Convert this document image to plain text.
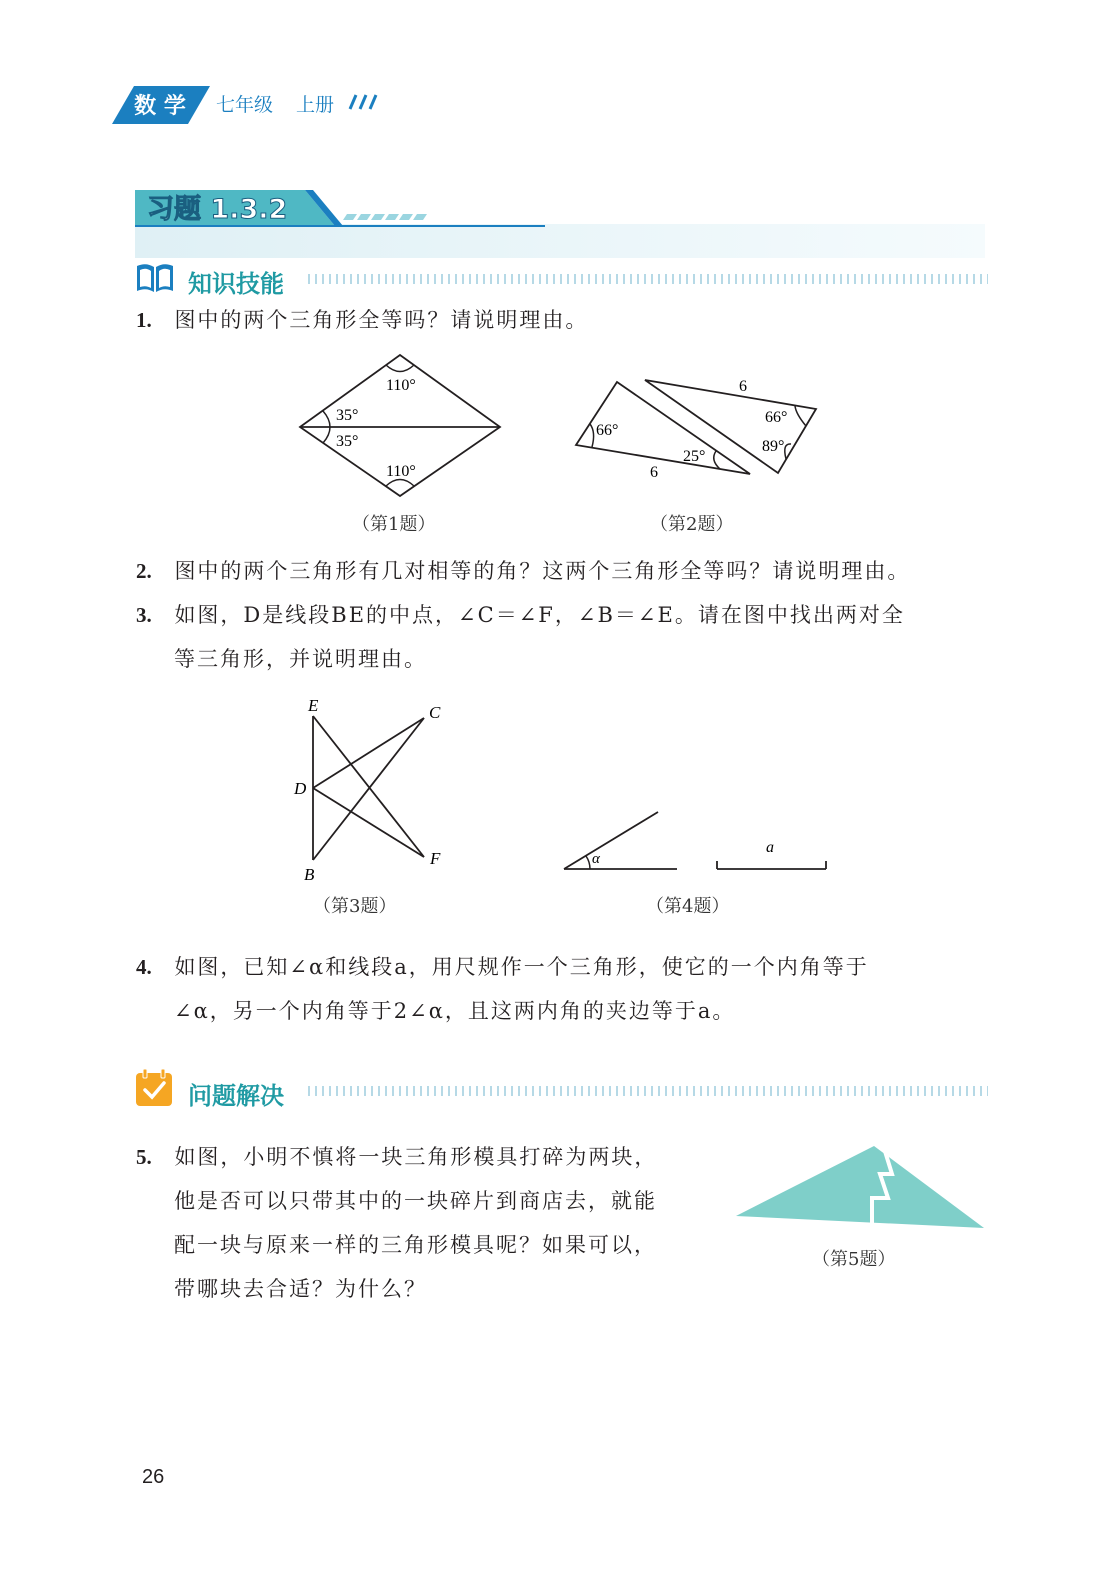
数 学 七年级 上册
习题 1.3.2
知识技能
1. 图中的两个三角形全等吗？请说明理由。
110°
35°
35°
110°
（第1题）
66°
25°
6
6
66°
89°
（第2题）
2. 图中的两个三角形有几对相等的角？这两个三角形全等吗？请说明理由。
3. 如图，D是线段BE的中点，∠C＝∠F，∠B＝∠E。请在图中找出两对全
等三角形，并说明理由。
E	C
D
B
F
（第3题）
α
a
（第4题）
4. 如图，已知∠α和线段a，用尺规作一个三角形，使它的一个内角等于
∠α，另一个内角等于2∠α，且这两内角的夹边等于a。
问题解决
5. 如图，小明不慎将一块三角形模具打碎为两块，
他是否可以只带其中的一块碎片到商店去，就能
配一块与原来一样的三角形模具呢？如果可以，
带哪块去合适？为什么？
（第5题）
26
